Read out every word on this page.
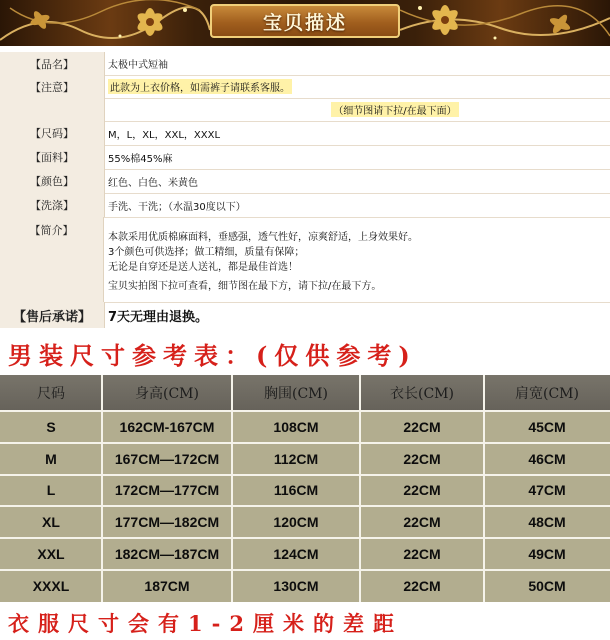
宝贝描述
【品名】	太极中式短袖
【注意】	此款为上衣价格，如需裤子请联系客服。
（细节图请下拉/在最下面）
【尺码】	M，L，XL，XXL，XXXL
【面料】	55%棉45%麻
【颜色】	红色、白色、米黄色
【洗涤】	手洗、干洗；（水温30度以下）
【简介】
本款采用优质棉麻面料，垂感强，透气性好，凉爽舒适，上身效果好。
3个颜色可供选择；做工精细，质量有保障；
无论是自穿还是送人送礼，都是最佳首选！
宝贝实拍图下拉可查看，细节图在最下方，请下拉/在最下方。
【售后承诺】	7天无理由退换。
男装尺寸参考表：(仅供参考)
尺码	身高(CM)	胸围(CM)	衣长(CM)	肩宽(CM)
S	162CM-167CM	108CM	22CM	45CM
M	167CM—172CM	112CM	22CM	46CM
L	172CM—177CM	116CM	22CM	47CM
XL	177CM—182CM	120CM	22CM	48CM
XXL	182CM—187CM	124CM	22CM	49CM
XXXL	187CM	130CM	22CM	50CM
衣服尺寸会有1-2厘米的差距
